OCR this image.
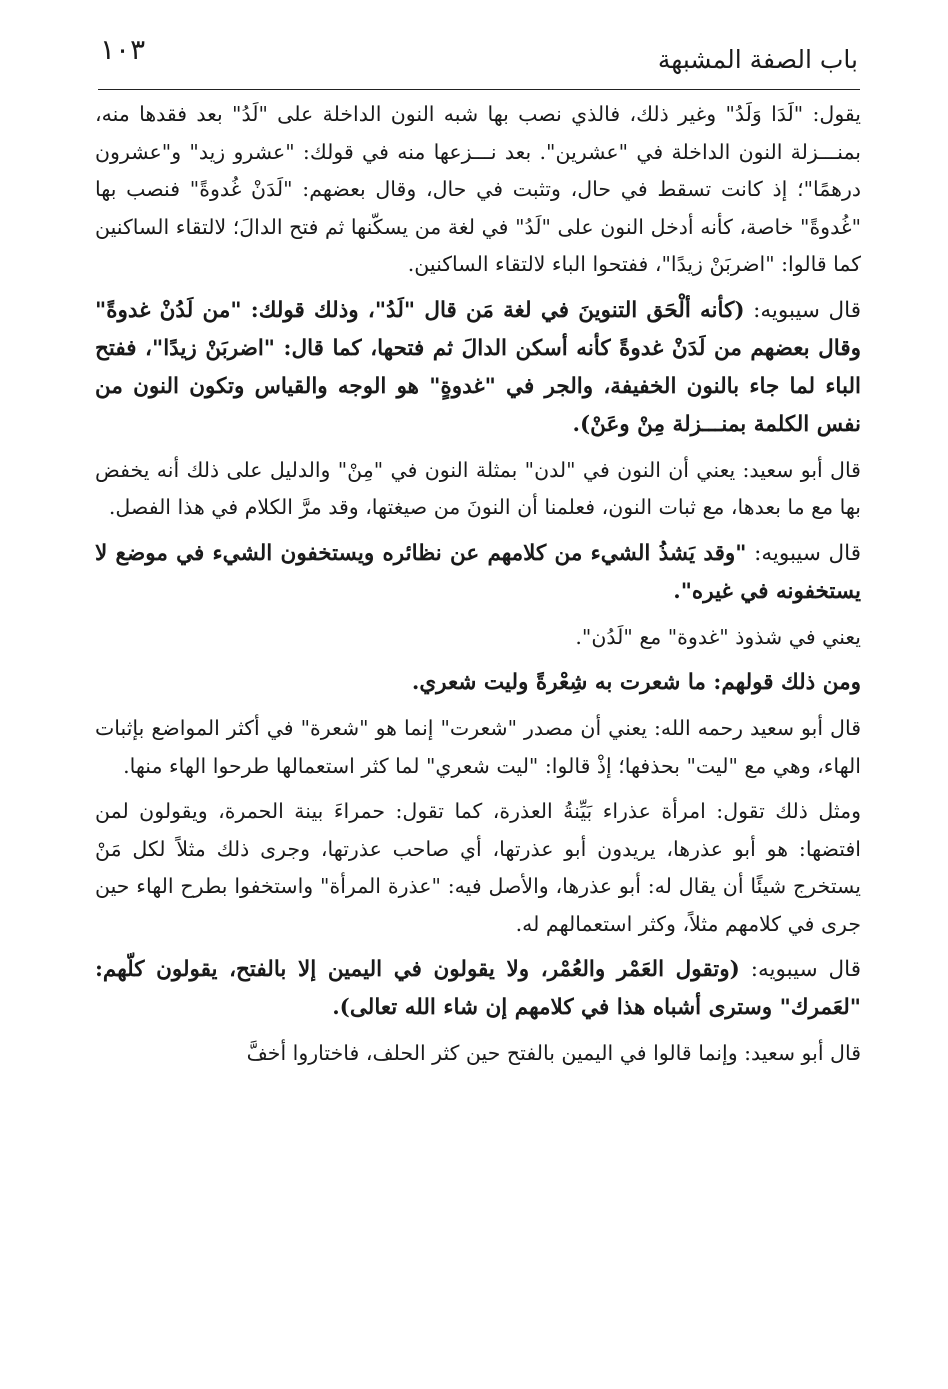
باب الصفة المشبهة
١٠٣

يقول: "لَدَا وَلَدُ" وغير ذلك، فالذي نصب بها شبه النون الداخلة على "لَدُ" بعد فقدها منه، بمنـــزلة النون الداخلة في "عشرين". بعد نـــزعها منه في قولك: "عشرو زيد" و"عشرون درهمًا"؛ إذ كانت تسقط في حال، وتثبت في حال، وقال بعضهم: "لَدَنْ غُدوةً" فنصب بها "غُدوةً" خاصة، كأنه أدخل النون على "لَدُ" في لغة من يسكّنها ثم فتح الدالَ؛ لالتقاء الساكنين كما قالوا: "اضربَنْ زيدًا"، ففتحوا الباء لالتقاء الساكنين.

قال سيبويه: (كأنه ألْحَق التنوينَ في لغة مَن قال "لَدُ"، وذلك قولك: "من لَدُنْ غدوةً" وقال بعضهم من لَدَنْ غدوةً كأنه أسكن الدالَ ثم فتحها، كما قال: "اضربَنْ زيدًا"، ففتح الباء لما جاء بالنون الخفيفة، والجر في "غدوةٍ" هو الوجه والقياس وتكون النون من نفس الكلمة بمنـــزلة مِنْ وعَنْ).

قال أبو سعيد: يعني أن النون في "لدن" بمثلة النون في "مِنْ" والدليل على ذلك أنه يخفض بها مع ما بعدها، مع ثبات النون، فعلمنا أن النونَ من صيغتها، وقد مرَّ الكلام في هذا الفصل.

قال سيبويه: "وقد يَشذُ الشيء من كلامهم عن نظائره ويستخفون الشيء في موضع لا يستخفونه في غيره".

يعني في شذوذ "غدوة" مع "لَدُن".

ومن ذلك قولهم: ما شعرت به شِعْرةً وليت شعري.

قال أبو سعيد رحمه الله: يعني أن مصدر "شعرت" إنما هو "شعرة" في أكثر المواضع بإثبات الهاء، وهي مع "ليت" بحذفها؛ إذْ قالوا: "ليت شعري" لما كثر استعمالها طرحوا الهاء منها.

ومثل ذلك تقول: امرأة عذراء بَيِّنةُ العذرة، كما تقول: حمراءَ بينة الحمرة، ويقولون لمن افتضها: هو أبو عذرها، يريدون أبو عذرتها، أي صاحب عذرتها، وجرى ذلك مثلاً لكل مَنْ يستخرج شيئًا أن يقال له: أبو عذرها، والأصل فيه: "عذرة المرأة" واستخفوا بطرح الهاء حين جرى في كلامهم مثلاً، وكثر استعمالهم له.

قال سيبويه: (وتقول العَمْر والعُمْر، ولا يقولون في اليمين إلا بالفتح، يقولون كلّهم: "لعَمرك" وسترى أشباه هذا في كلامهم إن شاء الله تعالى).

قال أبو سعيد: وإنما قالوا في اليمين بالفتح حين كثر الحلف، فاختاروا أخفَّ
